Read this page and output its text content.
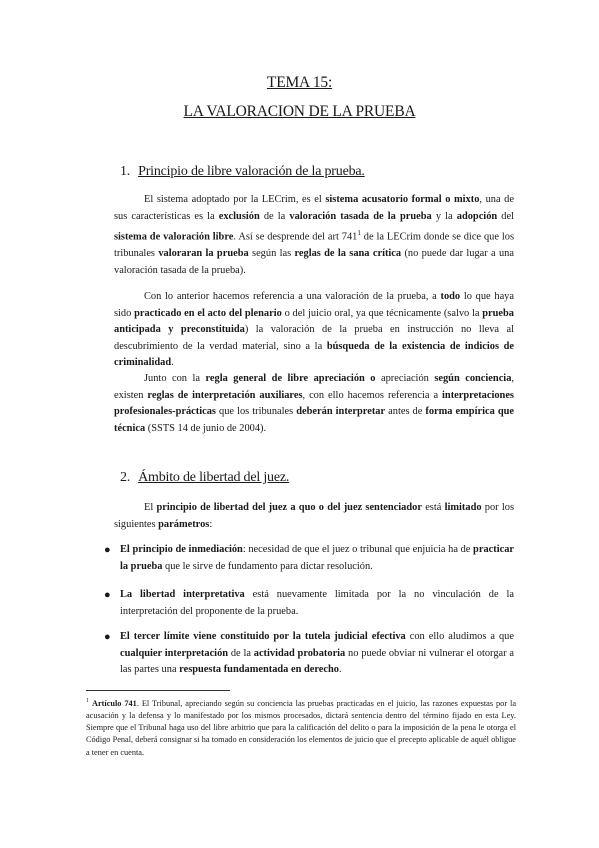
TEMA 15:
LA VALORACION DE LA PRUEBA
1. Principio de libre valoración de la prueba.
El sistema adoptado por la LECrim, es el sistema acusatorio formal o mixto, una de sus características es la exclusión de la valoración tasada de la prueba y la adopción del sistema de valoración libre. Así se desprende del art $741^1$ de la LECrim donde se dice que los tribunales valoraran la prueba según las reglas de la sana crítica (no puede dar lugar a una valoración tasada de la prueba).
Con lo anterior hacemos referencia a una valoración de la prueba, a todo lo que haya sido practicado en el acto del plenario o del juicio oral, ya que técnicamente (salvo la prueba anticipada y preconstituida) la valoración de la prueba en instrucción no lleva al descubrimiento de la verdad material, sino a la búsqueda de la existencia de indicios de criminalidad.
Junto con la regla general de libre apreciación o apreciación según conciencia, existen reglas de interpretación auxiliares, con ello hacemos referencia a interpretaciones profesionales-prácticas que los tribunales deberán interpretar antes de forma empírica que técnica (SSTS 14 de junio de 2004).
2. Ámbito de libertad del juez.
El principio de libertad del juez a quo o del juez sentenciador está limitado por los siguientes parámetros:
● El principio de inmediación: necesidad de que el juez o tribunal que enjuicia ha de practicar la prueba que le sirve de fundamento para dictar resolución.
● La libertad interpretativa está nuevamente limitada por la no vinculación de la interpretación del proponente de la prueba.
● El tercer límite viene constituido por la tutela judicial efectiva con ello aludimos a que cualquier interpretación de la actividad probatoria no puede obviar ni vulnerar el otorgar a las partes una respuesta fundamentada en derecho.
$^1$ Artículo 741. El Tribunal, apreciando según su conciencia las pruebas practicadas en el juicio, las razones expuestas por la acusación y la defensa y lo manifestado por los mismos procesados, dictará sentencia dentro del término fijado en esta Ley. Siempre que el Tribunal haga uso del libre arbitrio que para la calificación del delito o para la imposición de la pena le otorga el Código Penal, deberá consignar si ha tomado en consideración los elementos de juicio que el precepto aplicable de aquél obligue a tener en cuenta.
